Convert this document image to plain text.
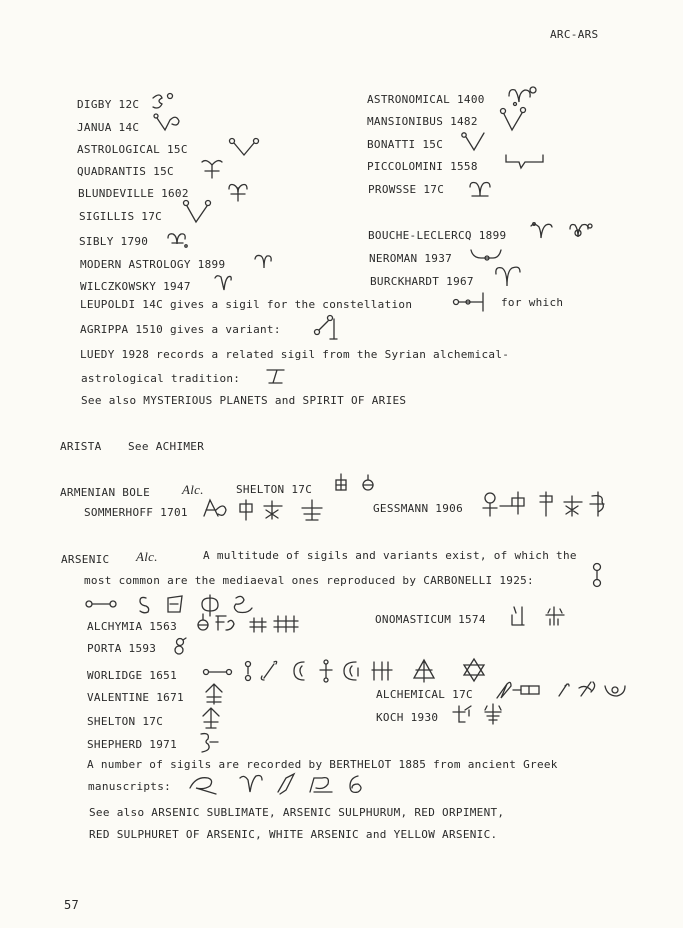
ARC-ARS
DIGBY 12C
JANUA 14C
ASTROLOGICAL 15C
QUADRANTIS 15C
BLUNDEVILLE 1602
SIGILLIS 17C
SIBLY 1790
MODERN ASTROLOGY 1899
WILCZKOWSKY 1947
ASTRONOMICAL 1400
MANSIONIBUS 1482
BONATTI 15C
PICCOLOMINI 1558
PROWSSE 17C
BOUCHE-LECLERCQ 1899
NEROMAN 1937
BURCKHARDT 1967
LEUPOLDI 14C gives a sigil for the constellation	for which
AGRIPPA 1510 gives a variant:
LUEDY 1928 records a related sigil from the Syrian alchemical-
astrological tradition:
See also MYSTERIOUS PLANETS and SPIRIT OF ARIES
ARISTA See ACHIMER
ARMENIAN BOLE Alc.	SHELTON 17C
SOMMERHOFF 1701	GESSMANN 1906
ARSENIC Alc.	A multitude of sigils and variants exist, of which the
most common are the mediaeval ones reproduced by CARBONELLI 1925:
ALCHYMIA 1563
ONOMASTICUM 1574
PORTA 1593
WORLIDGE 1651
VALENTINE 1671	ALCHEMICAL 17C
SHELTON 17C	KOCH 1930
SHEPHERD 1971
A number of sigils are recorded by BERTHELOT 1885 from ancient Greek
manuscripts:
See also ARSENIC SUBLIMATE, ARSENIC SULPHURUM, RED ORPIMENT,
RED SULPHURET OF ARSENIC, WHITE ARSENIC and YELLOW ARSENIC.
57
